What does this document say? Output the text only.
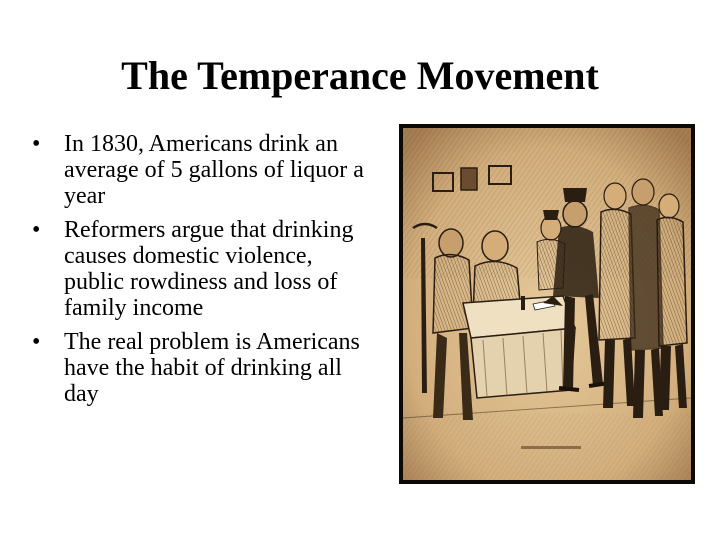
The Temperance Movement
• In 1830, Americans drink an average of 5 gallons of liquor a year
• Reformers argue that drinking causes domestic violence, public rowdiness and loss of family income
• The real problem is Americans have the habit of drinking all day
